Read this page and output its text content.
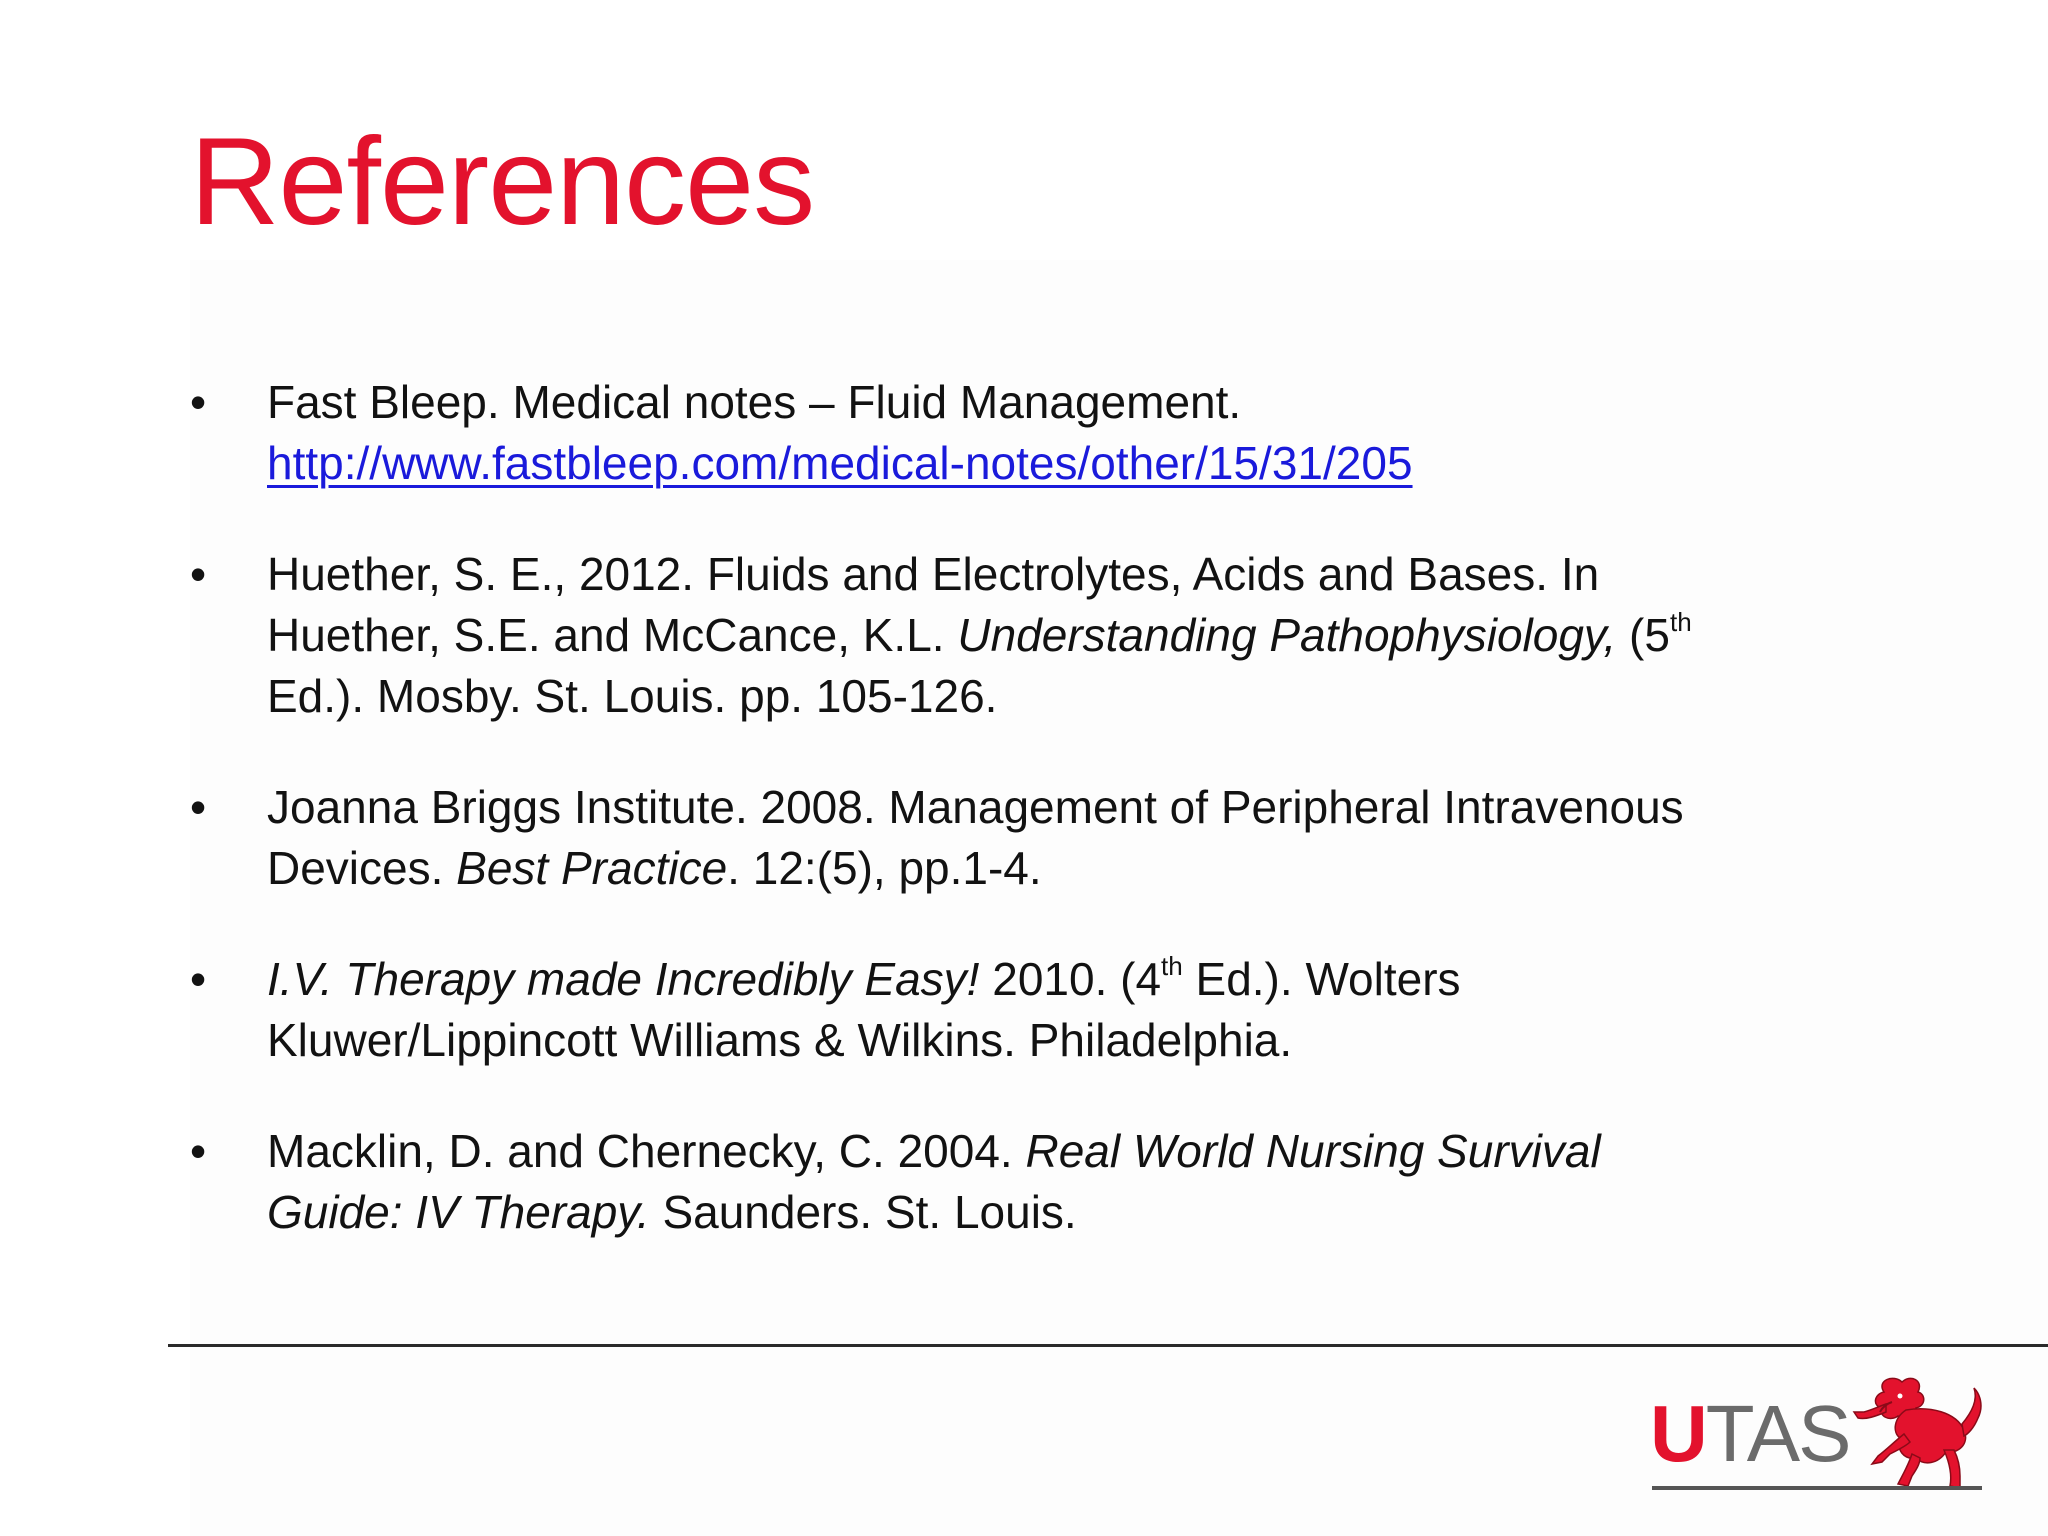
References
•	Fast Bleep. Medical notes – Fluid Management.
http://www.fastbleep.com/medical-notes/other/15/31/205
•	Huether, S. E., 2012. Fluids and Electrolytes, Acids and Bases. In
Huether, S.E. and McCance, K.L. Understanding Pathophysiology, (5th
Ed.). Mosby. St. Louis. pp. 105-126.
•	Joanna Briggs Institute. 2008. Management of Peripheral Intravenous
Devices. Best Practice. 12:(5), pp.1-4.
•	I.V. Therapy made Incredibly Easy! 2010. (4th Ed.). Wolters
Kluwer/Lippincott Williams & Wilkins. Philadelphia.
•	Macklin, D. and Chernecky, C. 2004. Real World Nursing Survival
Guide: IV Therapy. Saunders. St. Louis.
UTAS
